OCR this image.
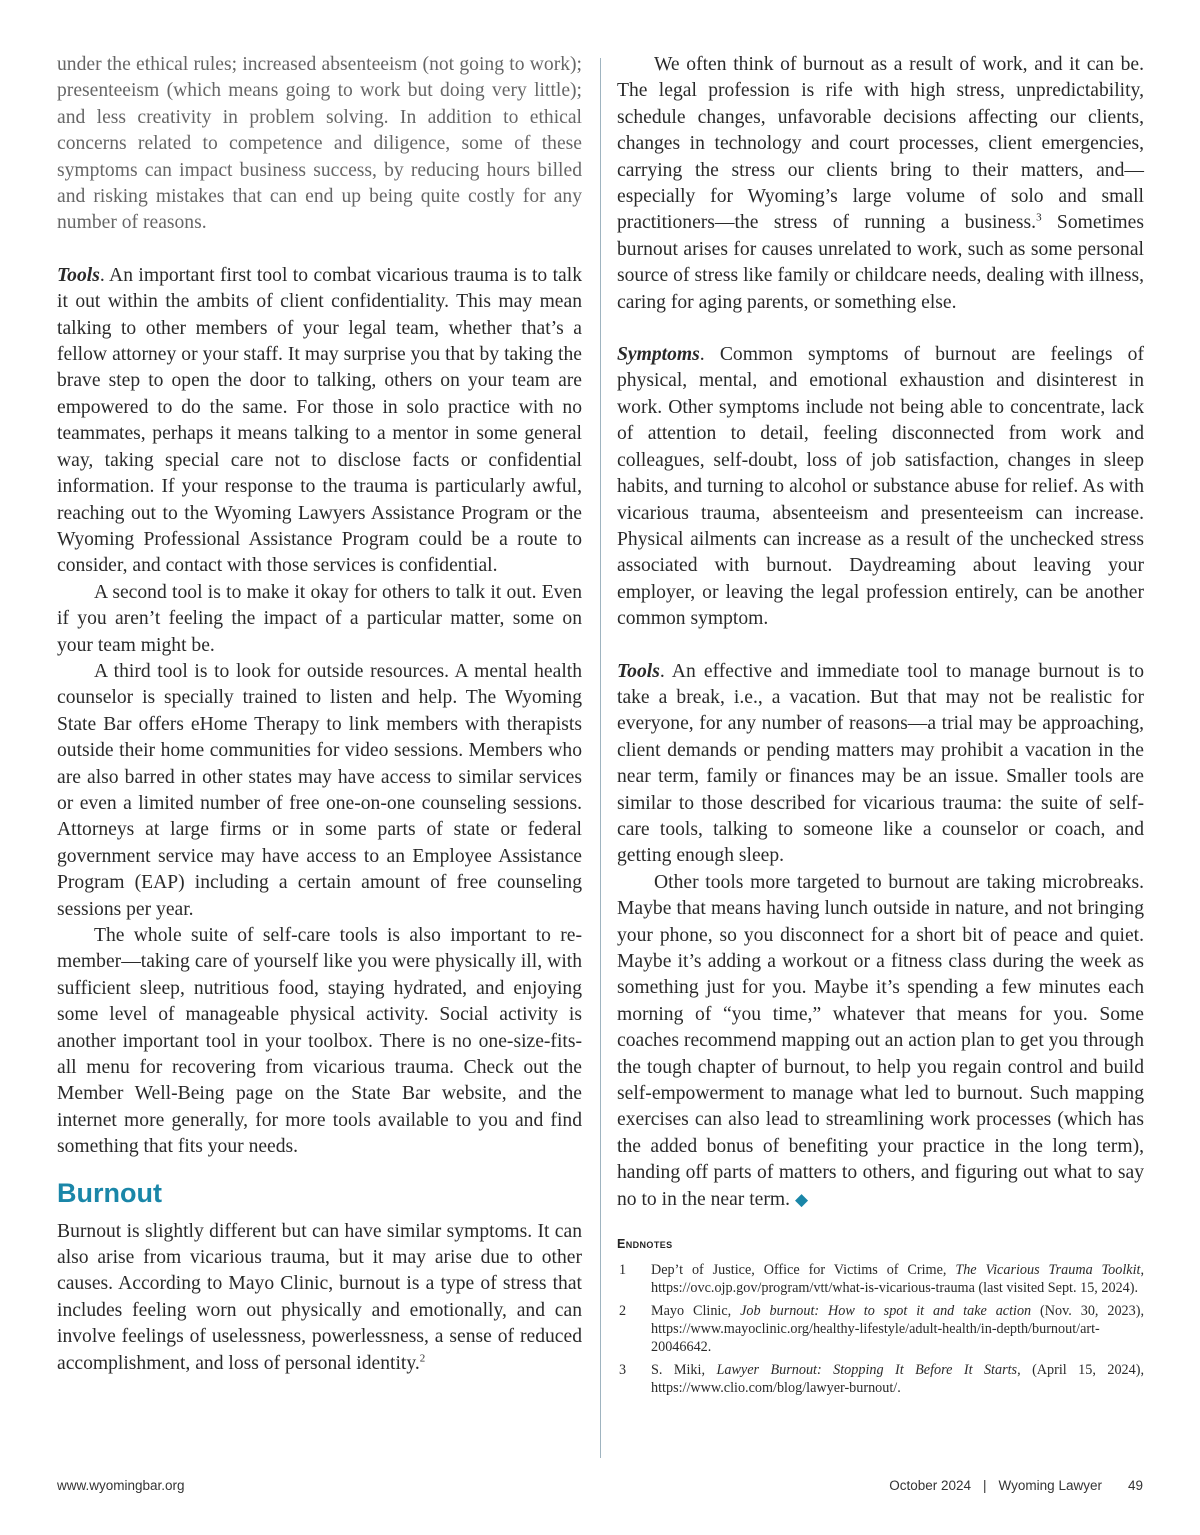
under the ethical rules; increased absenteeism (not going to work); presenteeism (which means going to work but doing very little); and less creativity in problem solving. In addition to ethical concerns related to competence and diligence, some of these symptoms can impact business success, by reducing hours billed and risking mistakes that can end up being quite costly for any number of reasons.

Tools. An important first tool to combat vicarious trauma is to talk it out within the ambits of client confidentiality. This may mean talking to other members of your legal team, whether that’s a fellow attorney or your staff. It may surprise you that by taking the brave step to open the door to talking, others on your team are empowered to do the same. For those in solo practice with no teammates, perhaps it means talking to a mentor in some general way, taking special care not to disclose facts or confidential information. If your response to the trauma is particularly awful, reaching out to the Wyoming Lawyers Assistance Program or the Wyoming Professional Assistance Program could be a route to consider, and contact with those services is confidential.

A second tool is to make it okay for others to talk it out. Even if you aren’t feeling the impact of a particular matter, some on your team might be.

A third tool is to look for outside resources. A mental health counselor is specially trained to listen and help. The Wyoming State Bar offers eHome Therapy to link members with therapists outside their home communities for video sessions. Members who are also barred in other states may have access to similar services or even a limited number of free one-on-one counseling sessions. Attorneys at large firms or in some parts of state or federal government service may have access to an Employee Assistance Program (EAP) including a certain amount of free counseling sessions per year.

The whole suite of self-care tools is also important to remember—taking care of yourself like you were physically ill, with sufficient sleep, nutritious food, staying hydrated, and enjoying some level of manageable physical activity. Social activity is another important tool in your toolbox. There is no one-size-fits-all menu for recovering from vicarious trauma. Check out the Member Well-Being page on the State Bar website, and the internet more generally, for more tools available to you and find something that fits your needs.

Burnout

Burnout is slightly different but can have similar symptoms. It can also arise from vicarious trauma, but it may arise due to other causes. According to Mayo Clinic, burnout is a type of stress that includes feeling worn out physically and emotionally, and can involve feelings of uselessness, powerlessness, a sense of reduced accomplishment, and loss of personal identity.$^2$

We often think of burnout as a result of work, and it can be. The legal profession is rife with high stress, unpredictability, schedule changes, unfavorable decisions affecting our clients, changes in technology and court processes, client emergencies, carrying the stress our clients bring to their matters, and—especially for Wyoming’s large volume of solo and small practitioners—the stress of running a business.$^3$ Sometimes burnout arises for causes unrelated to work, such as some personal source of stress like family or childcare needs, dealing with illness, caring for aging parents, or something else.

Symptoms. Common symptoms of burnout are feelings of physical, mental, and emotional exhaustion and disinterest in work. Other symptoms include not being able to concentrate, lack of attention to detail, feeling disconnected from work and colleagues, self-doubt, loss of job satisfaction, changes in sleep habits, and turning to alcohol or substance abuse for relief. As with vicarious trauma, absenteeism and presenteeism can increase. Physical ailments can increase as a result of the unchecked stress associated with burnout. Daydreaming about leaving your employer, or leaving the legal profession entirely, can be another common symptom.

Tools. An effective and immediate tool to manage burnout is to take a break, i.e., a vacation. But that may not be realistic for everyone, for any number of reasons—a trial may be approaching, client demands or pending matters may prohibit a vacation in the near term, family or finances may be an issue. Smaller tools are similar to those described for vicarious trauma: the suite of self-care tools, talking to someone like a counselor or coach, and getting enough sleep.

Other tools more targeted to burnout are taking microbreaks. Maybe that means having lunch outside in nature, and not bringing your phone, so you disconnect for a short bit of peace and quiet. Maybe it’s adding a workout or a fitness class during the week as something just for you. Maybe it’s spending a few minutes each morning of “you time,” whatever that means for you. Some coaches recommend mapping out an action plan to get you through the tough chapter of burnout, to help you regain control and build self-empowerment to manage what led to burnout. Such mapping exercises can also lead to streamlining work processes (which has the added bonus of benefiting your practice in the long term), handing off parts of matters to others, and figuring out what to say no to in the near term. ◆

Endnotes
1	Dep’t of Justice, Office for Victims of Crime, The Vicarious Trauma Toolkit, https://ovc.ojp.gov/program/vtt/what-is-vicarious-trauma (last visited Sept. 15, 2024).
2	Mayo Clinic, Job burnout: How to spot it and take action (Nov. 30, 2023), https://www.mayoclinic.org/healthy-lifestyle/adult-health/in-depth/burnout/art-20046642.
3	S. Miki, Lawyer Burnout: Stopping It Before It Starts, (April 15, 2024), https://www.clio.com/blog/lawyer-burnout/.
www.wyomingbar.org	October 2024 | Wyoming Lawyer 49
